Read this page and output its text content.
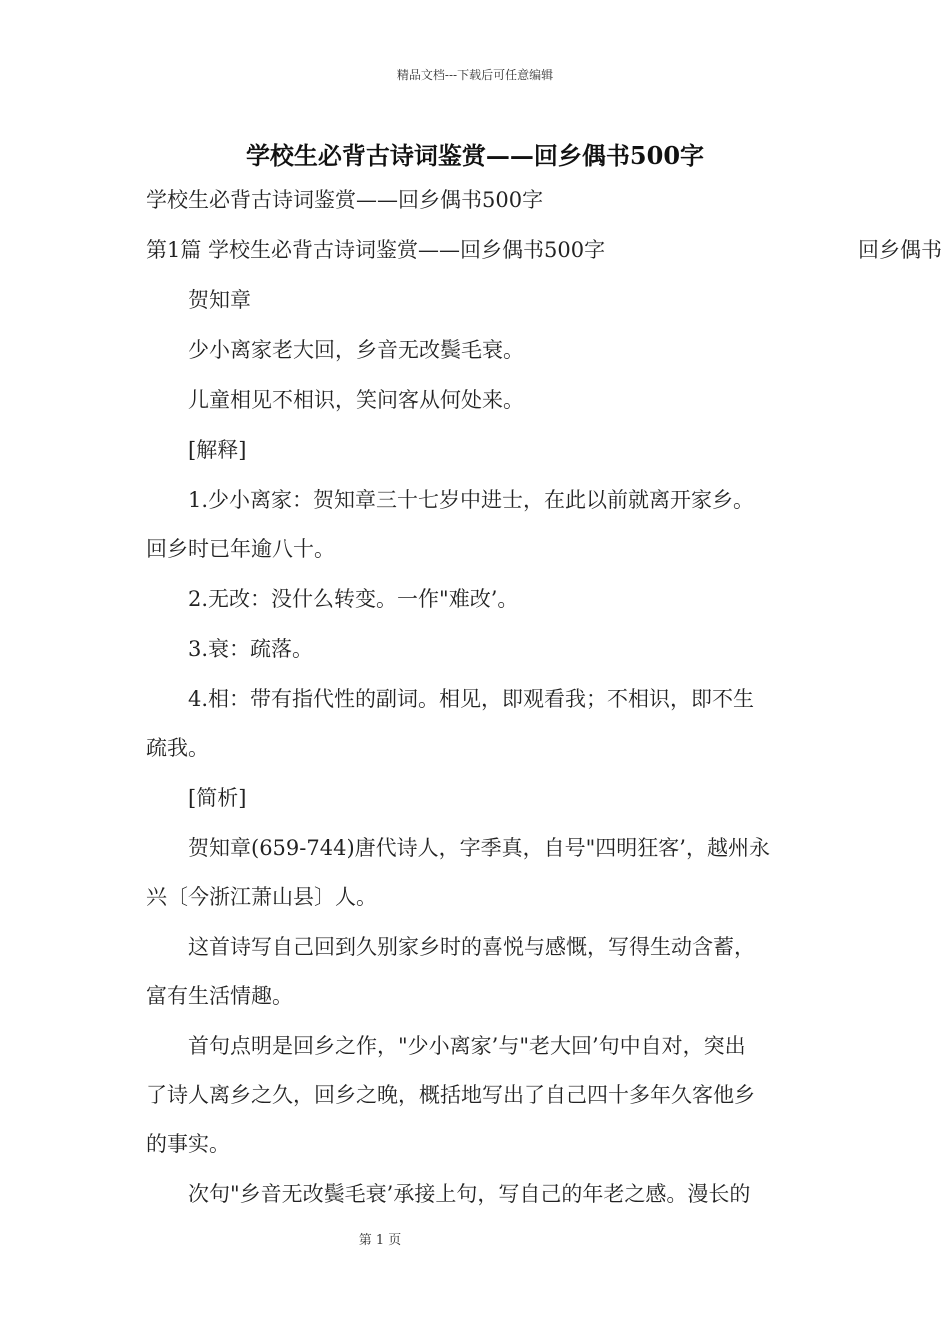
精品文档---下载后可任意编辑
学校生必背古诗词鉴赏——回乡偶书500字
学校生必背古诗词鉴赏——回乡偶书500字
第1篇 学校生必背古诗词鉴赏——回乡偶书500字	回乡偶书
贺知章
少小离家老大回，乡音无改鬓毛衰。
儿童相见不相识，笑问客从何处来。
[解释]
1.少小离家：贺知章三十七岁中进士，在此以前就离开家乡。
回乡时已年逾八十。
2.无改：没什么转变。一作"难改’。
3.衰：疏落。
4.相：带有指代性的副词。相见，即观看我；不相识，即不生
疏我。
[简析]
贺知章(659-744)唐代诗人，字季真，自号"四明狂客’，越州永
兴〔今浙江萧山县〕人。
这首诗写自己回到久别家乡时的喜悦与感慨，写得生动含蓄，
富有生活情趣。
首句点明是回乡之作，"少小离家’与"老大回’句中自对，突出
了诗人离乡之久，回乡之晚，概括地写出了自己四十多年久客他乡
的事实。
次句"乡音无改鬓毛衰’承接上句，写自己的年老之感。漫长的
第 1 页
